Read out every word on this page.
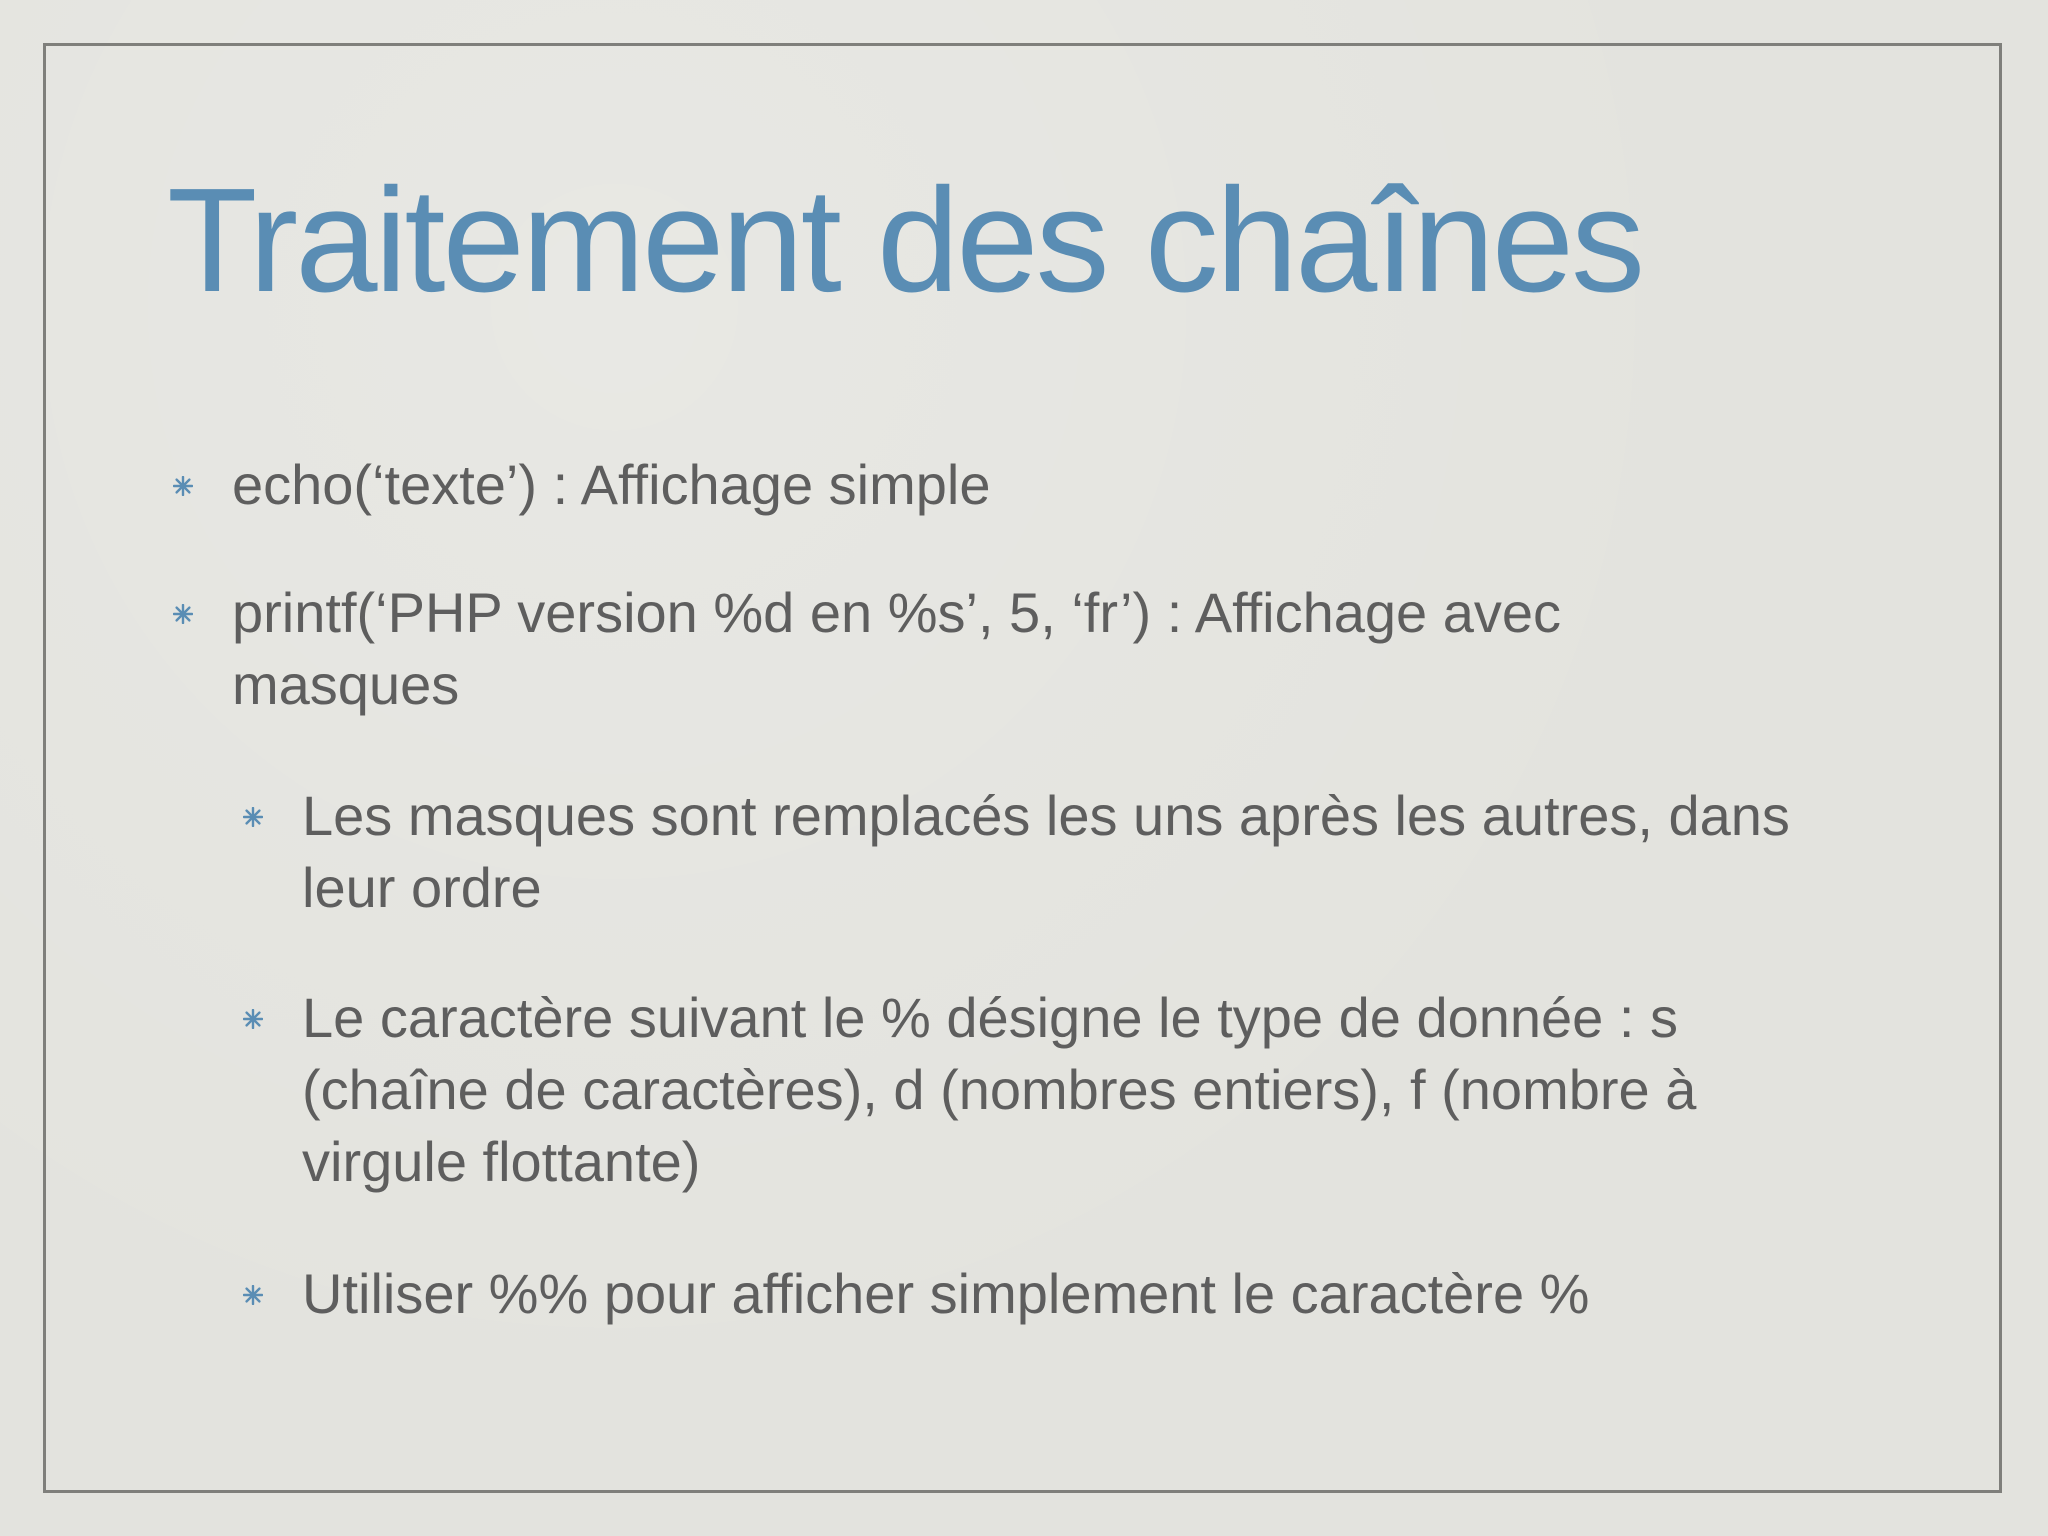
Traitement des chaînes
echo(‘texte’) : Affichage simple
printf(‘PHP version %d en %s’, 5, ‘fr’) : Affichage avec masques
Les masques sont remplacés les uns après les autres, dans leur ordre
Le caractère suivant le % désigne le type de donnée : s (chaîne de caractères), d (nombres entiers), f (nombre à virgule flottante)
Utiliser %% pour afficher simplement le caractère %
